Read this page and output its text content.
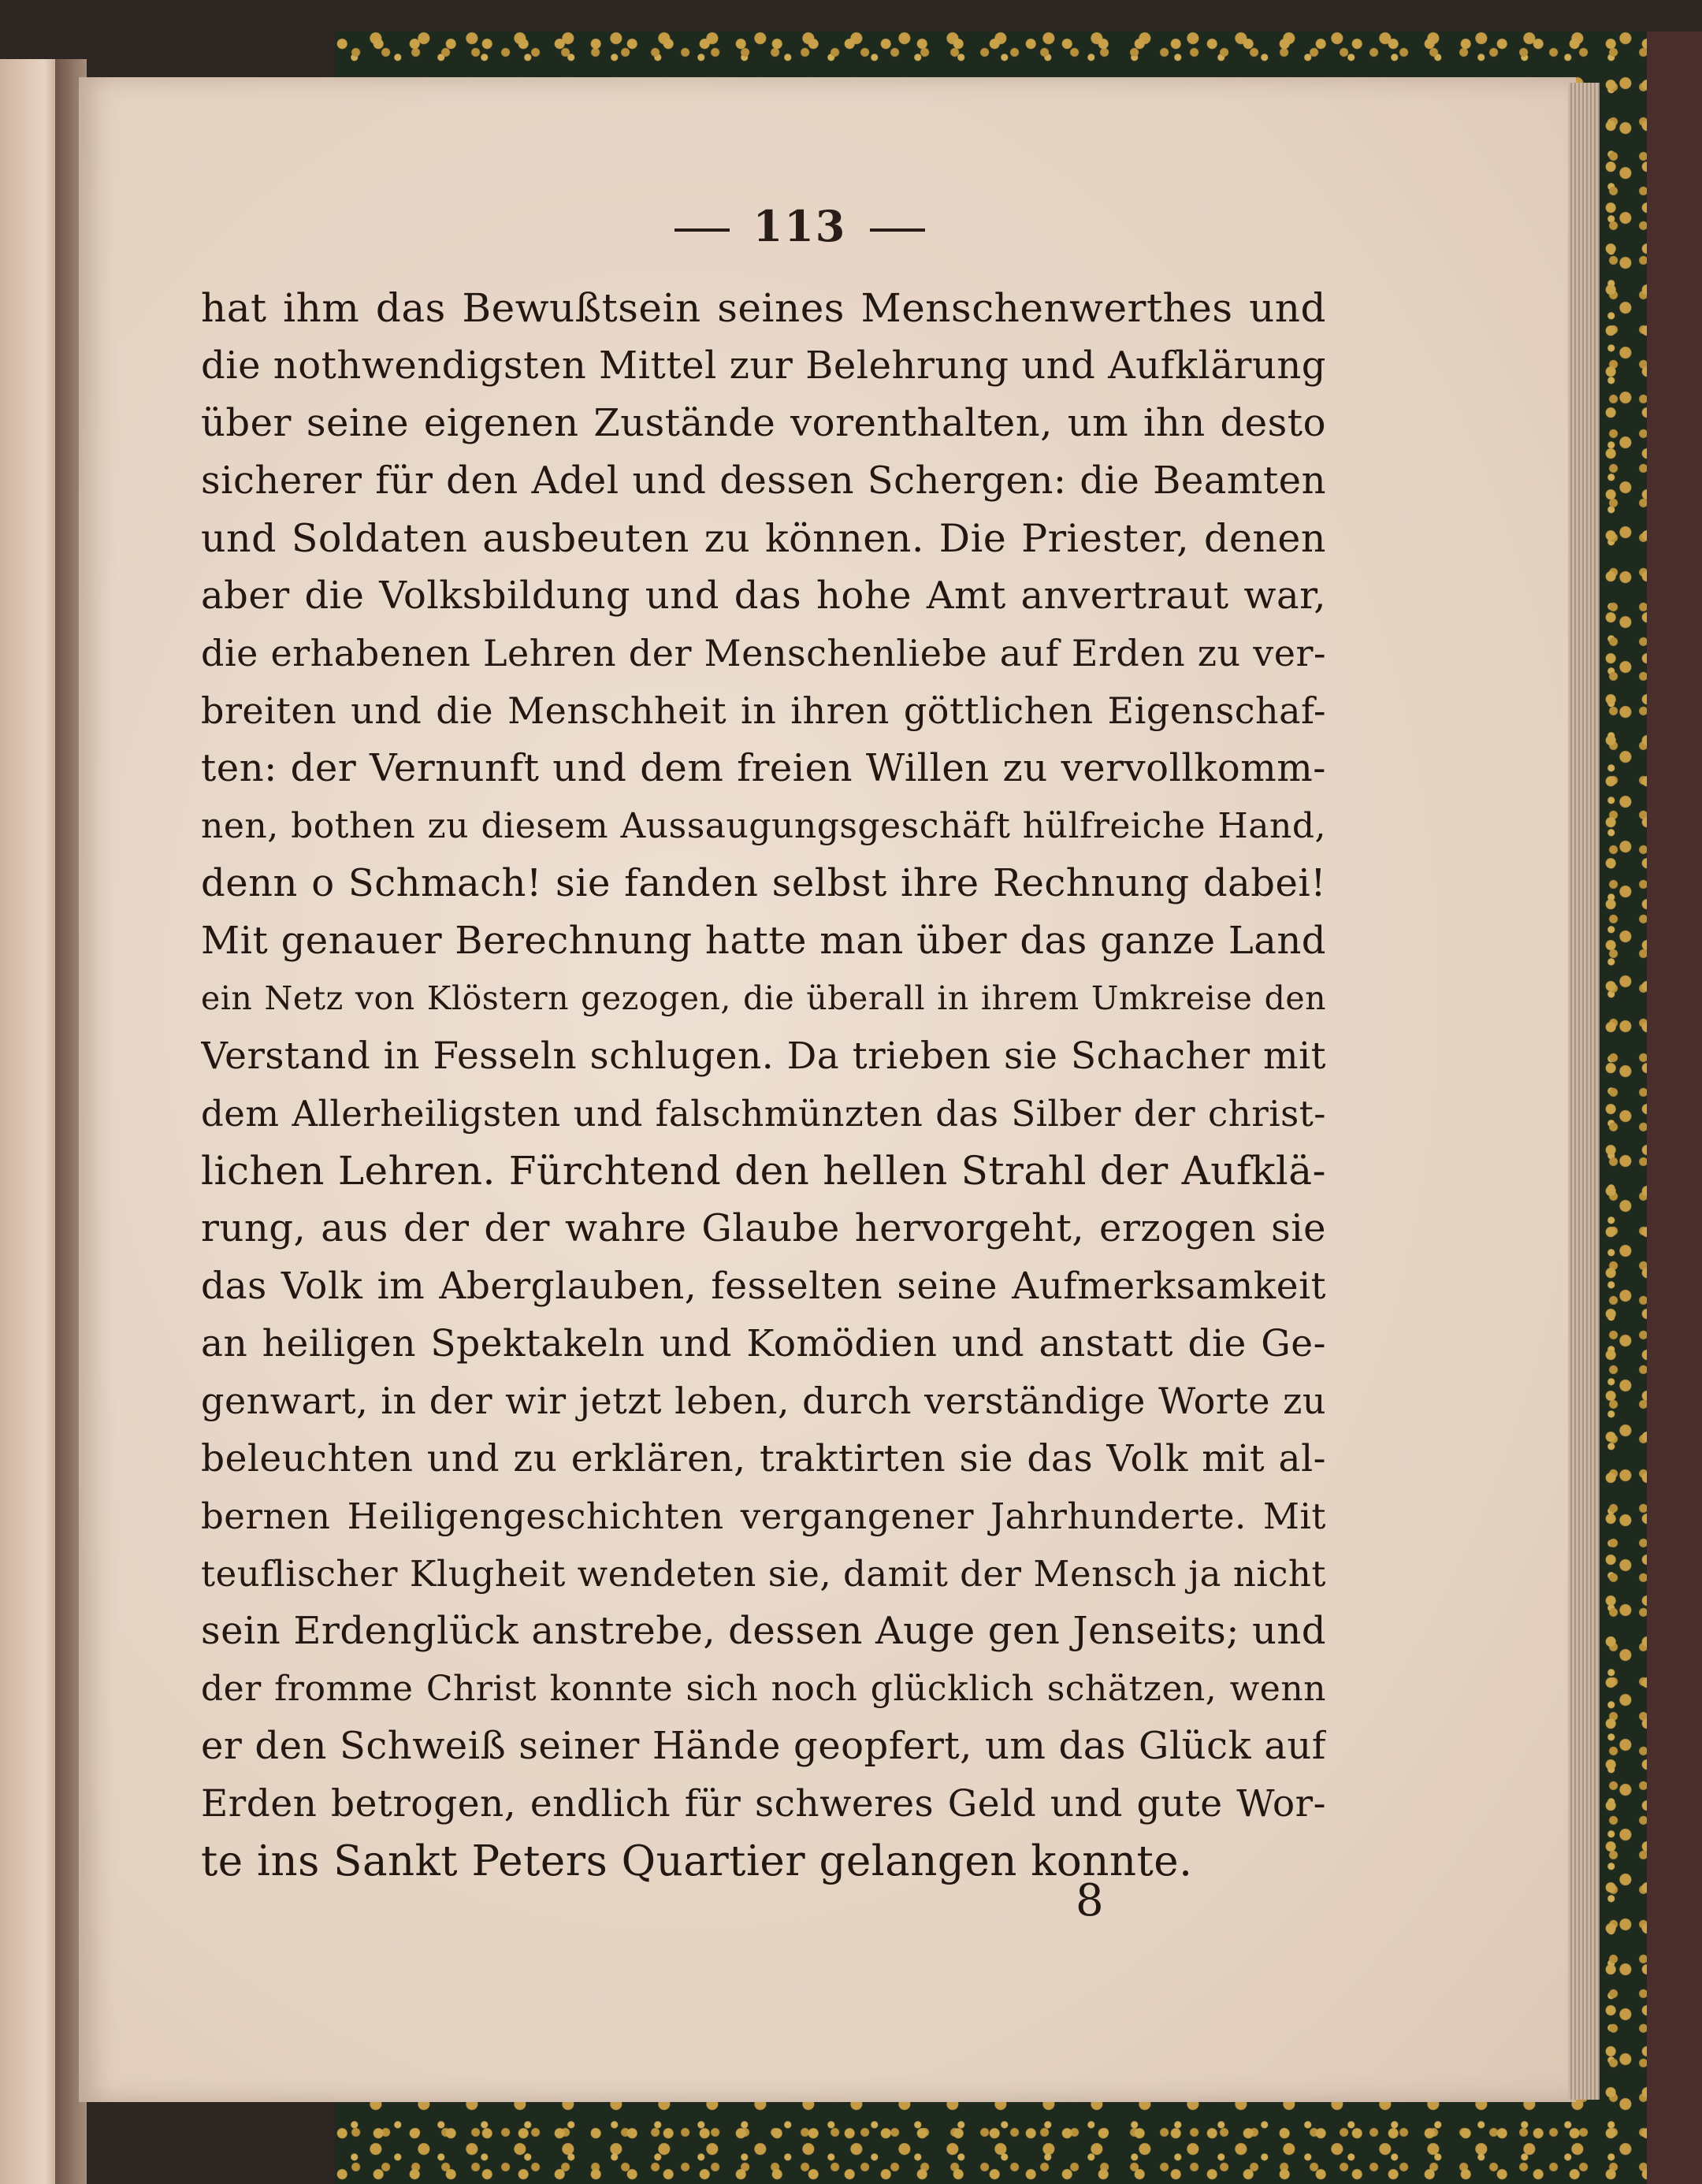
113
hat ihm das Bewußtsein seines Menschenwerthes und
die nothwendigsten Mittel zur Belehrung und Aufklärung
über seine eigenen Zustände vorenthalten, um ihn desto
sicherer für den Adel und dessen Schergen: die Beamten
und Soldaten ausbeuten zu können. Die Priester, denen
aber die Volksbildung und das hohe Amt anvertraut war,
die erhabenen Lehren der Menschenliebe auf Erden zu ver-
breiten und die Menschheit in ihren göttlichen Eigenschaf-
ten: der Vernunft und dem freien Willen zu vervollkomm-
nen, bothen zu diesem Aussaugungsgeschäft hülfreiche Hand,
denn o Schmach! sie fanden selbst ihre Rechnung dabei!
Mit genauer Berechnung hatte man über das ganze Land
ein Netz von Klöstern gezogen, die überall in ihrem Umkreise den
Verstand in Fesseln schlugen. Da trieben sie Schacher mit
dem Allerheiligsten und falschmünzten das Silber der christ-
lichen Lehren. Fürchtend den hellen Strahl der Aufklä-
rung, aus der der wahre Glaube hervorgeht, erzogen sie
das Volk im Aberglauben, fesselten seine Aufmerksamkeit
an heiligen Spektakeln und Komödien und anstatt die Ge-
genwart, in der wir jetzt leben, durch verständige Worte zu
beleuchten und zu erklären, traktirten sie das Volk mit al-
bernen Heiligengeschichten vergangener Jahrhunderte. Mit
teuflischer Klugheit wendeten sie, damit der Mensch ja nicht
sein Erdenglück anstrebe, dessen Auge gen Jenseits; und
der fromme Christ konnte sich noch glücklich schätzen, wenn
er den Schweiß seiner Hände geopfert, um das Glück auf
Erden betrogen, endlich für schweres Geld und gute Wor-
te ins Sankt Peters Quartier gelangen konnte.
8
